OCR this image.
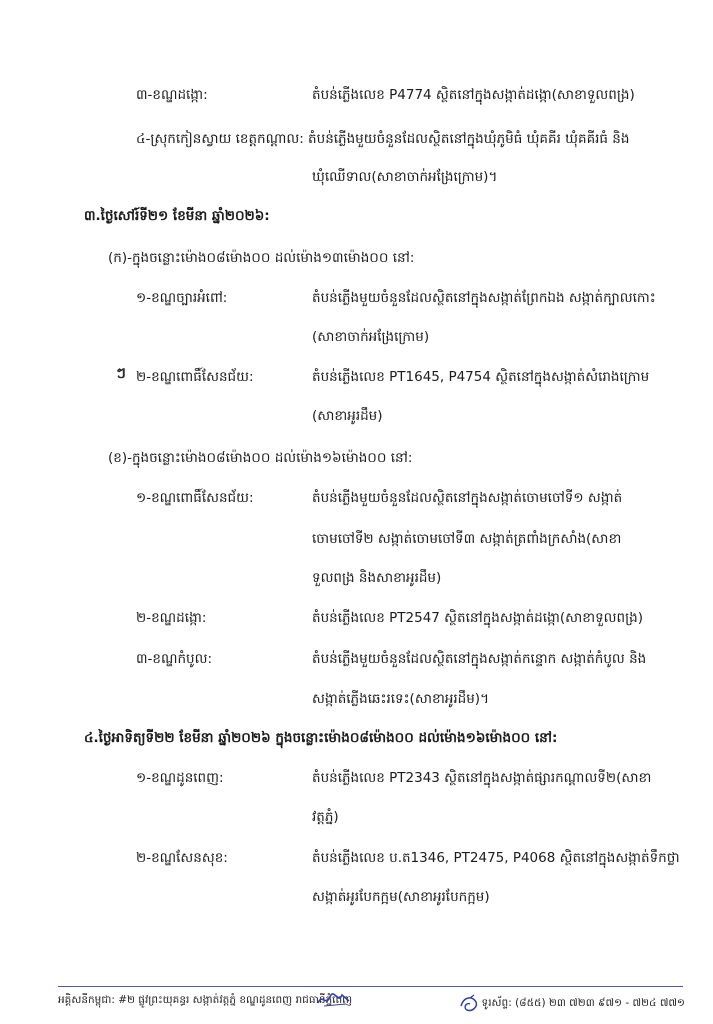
៣-ខណ្ឌដង្កោ:	តំបន់ភ្លើងលេខ P4774 ស្ថិតនៅក្នុងសង្កាត់ដង្កោ(សាខាទួលពង្រ)
៤-ស្រុកកៀនស្វាយ ខេត្តកណ្ដាល: តំបន់ភ្លើងមួយចំនួនដែលស្ថិតនៅក្នុងឃុំភូមិធំ ឃុំគគីរ ឃុំគគីរធំ និង
ឃុំឈើទាល(សាខាចាក់អង្រែក្រោម)។
៣.ថ្ងៃសៅរ៍ទី២១ ខែមីនា ឆ្នាំ២០២៦:
(ក)-ក្នុងចន្លោះម៉ោង០៨ម៉ោង០០ ដល់ម៉ោង១៣ម៉ោង០០ នៅ:
១-ខណ្ឌច្បារអំពៅ:	តំបន់ភ្លើងមួយចំនួនដែលស្ថិតនៅក្នុងសង្កាត់ព្រែកឯង សង្កាត់ក្បាលកោះ
(សាខាចាក់អង្រែក្រោម)
២-ខណ្ឌពោធិ៍សែនជ័យ:	តំបន់ភ្លើងលេខ PT1645, P4754 ស្ថិតនៅក្នុងសង្កាត់សំរោងក្រោម
(សាខាអូរដឹម)
(ខ)-ក្នុងចន្លោះម៉ោង០៨ម៉ោង០០ ដល់ម៉ោង១៦ម៉ោង០០ នៅ:
១-ខណ្ឌពោធិ៍សែនជ័យ:	តំបន់ភ្លើងមួយចំនួនដែលស្ថិតនៅក្នុងសង្កាត់ចោមចៅទី១ សង្កាត់
ចោមចៅទី២ សង្កាត់ចោមចៅទី៣ សង្កាត់ត្រពាំងក្រសាំង(សាខា
ទួលពង្រ និងសាខាអូរដឹម)
២-ខណ្ឌដង្កោ:	តំបន់ភ្លើងលេខ PT2547 ស្ថិតនៅក្នុងសង្កាត់ដង្កោ(សាខាទួលពង្រ)
៣-ខណ្ឌកំបូល:	តំបន់ភ្លើងមួយចំនួនដែលស្ថិតនៅក្នុងសង្កាត់កន្ទោក សង្កាត់កំបូល និង
សង្កាត់ភ្លើងឆេះរទេះ(សាខាអូរដឹម)។
៤.ថ្ងៃអាទិត្យទី២២ ខែមីនា ឆ្នាំ២០២៦ ក្នុងចន្លោះម៉ោង០៨ម៉ោង០០ ដល់ម៉ោង១៦ម៉ោង០០ នៅ:
១-ខណ្ឌដូនពេញ:	តំបន់ភ្លើងលេខ PT2343 ស្ថិតនៅក្នុងសង្កាត់ផ្សារកណ្ដាលទី២(សាខា
វត្តភ្នំ)
២-ខណ្ឌសែនសុខ:	តំបន់ភ្លើងលេខ ប.ត1346, PT2475, P4068 ស្ថិតនៅក្នុងសង្កាត់ទឹកថ្លា
សង្កាត់អូរបែកក្អម(សាខាអូរបែកក្អម)
ៗ
អគ្គិសនីកម្ពុជា: #២ ផ្លូវព្រះយុគន្ធរ សង្កាត់វត្តភ្នំ ខណ្ឌដូនពេញ រាជធានីភ្នំពេញ	ទូរស័ព្ទ: (៨៥៥) ២៣ ៧២៣ ៩៧១ - ៧២៤ ៧៧១
